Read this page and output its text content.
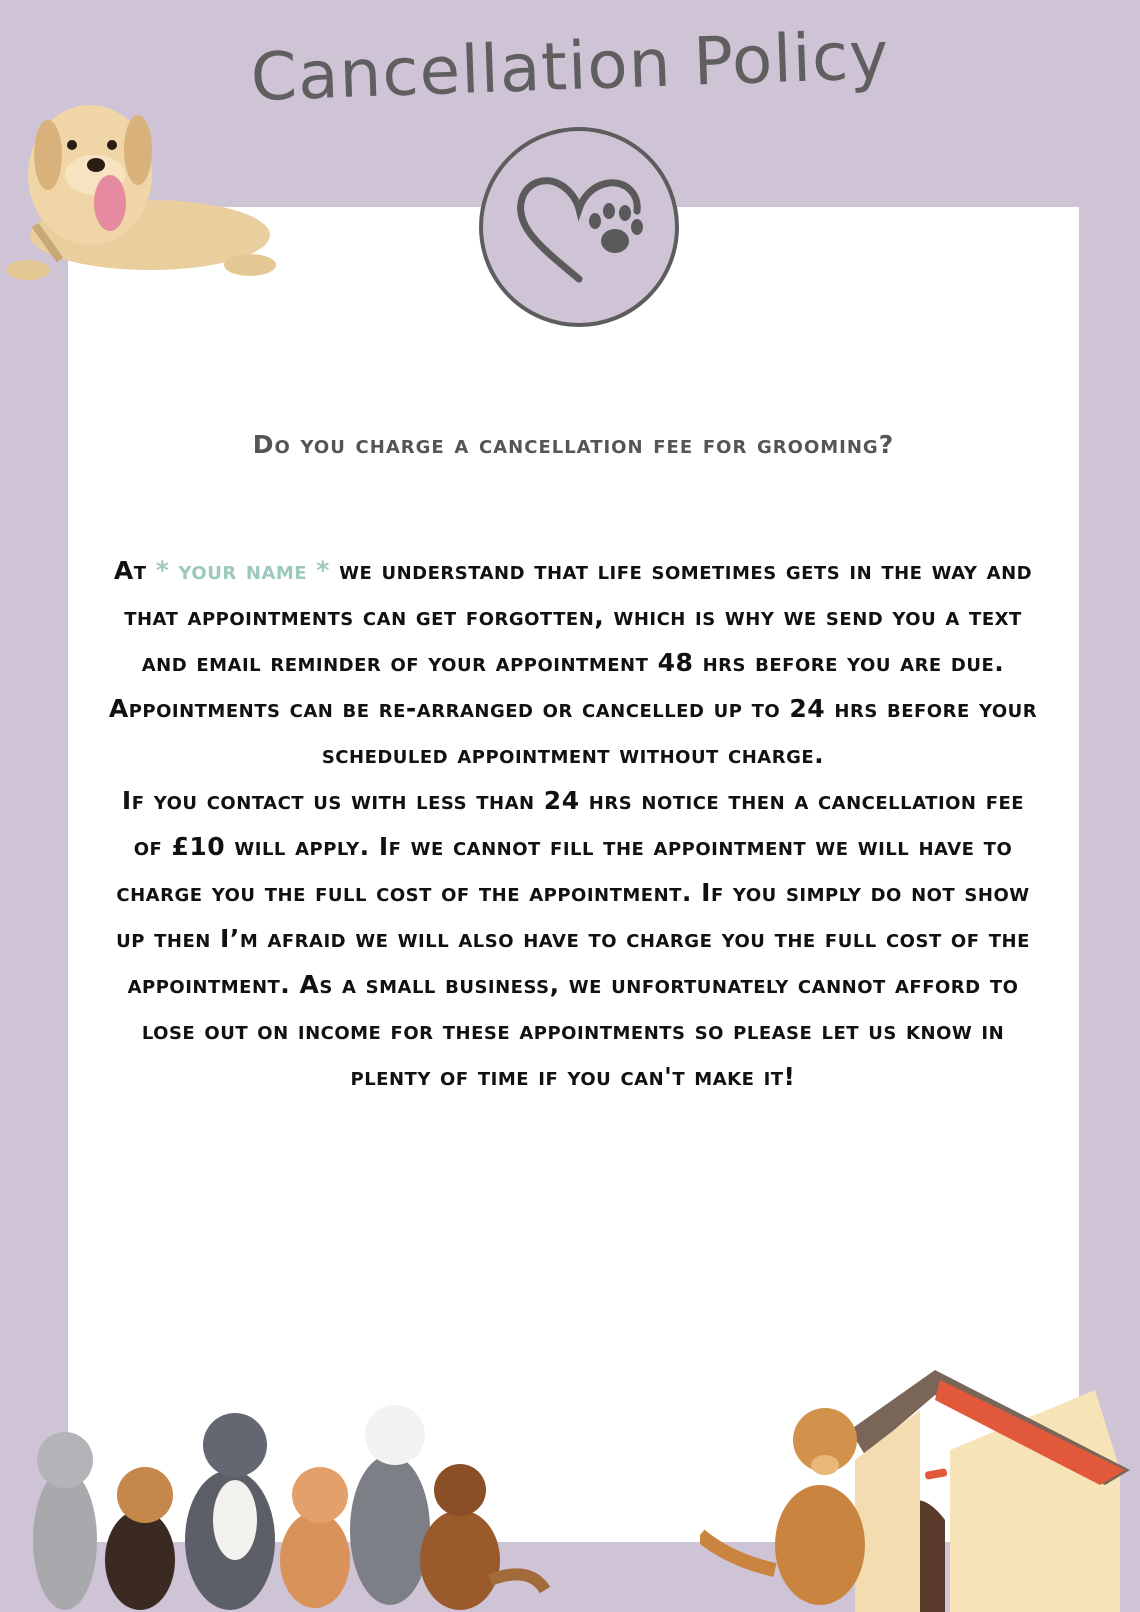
Cancellation Policy

Do you charge a cancellation fee for grooming?

At * your name * we understand that life sometimes gets in the way and that appointments can get forgotten, which is why we send you a text and email reminder of your appointment 48 hrs before you are due.
Appointments can be re-arranged or cancelled up to 24 hrs before your scheduled appointment without charge.
If you contact us with less than 24 hrs notice then a cancellation fee of £10 will apply. If we cannot fill the appointment we will have to charge you the full cost of the appointment. If you simply do not show up then I’m afraid we will also have to charge you the full cost of the appointment. As a small business, we unfortunately cannot afford to lose out on income for these appointments so please let us know in plenty of time if you can't make it!
